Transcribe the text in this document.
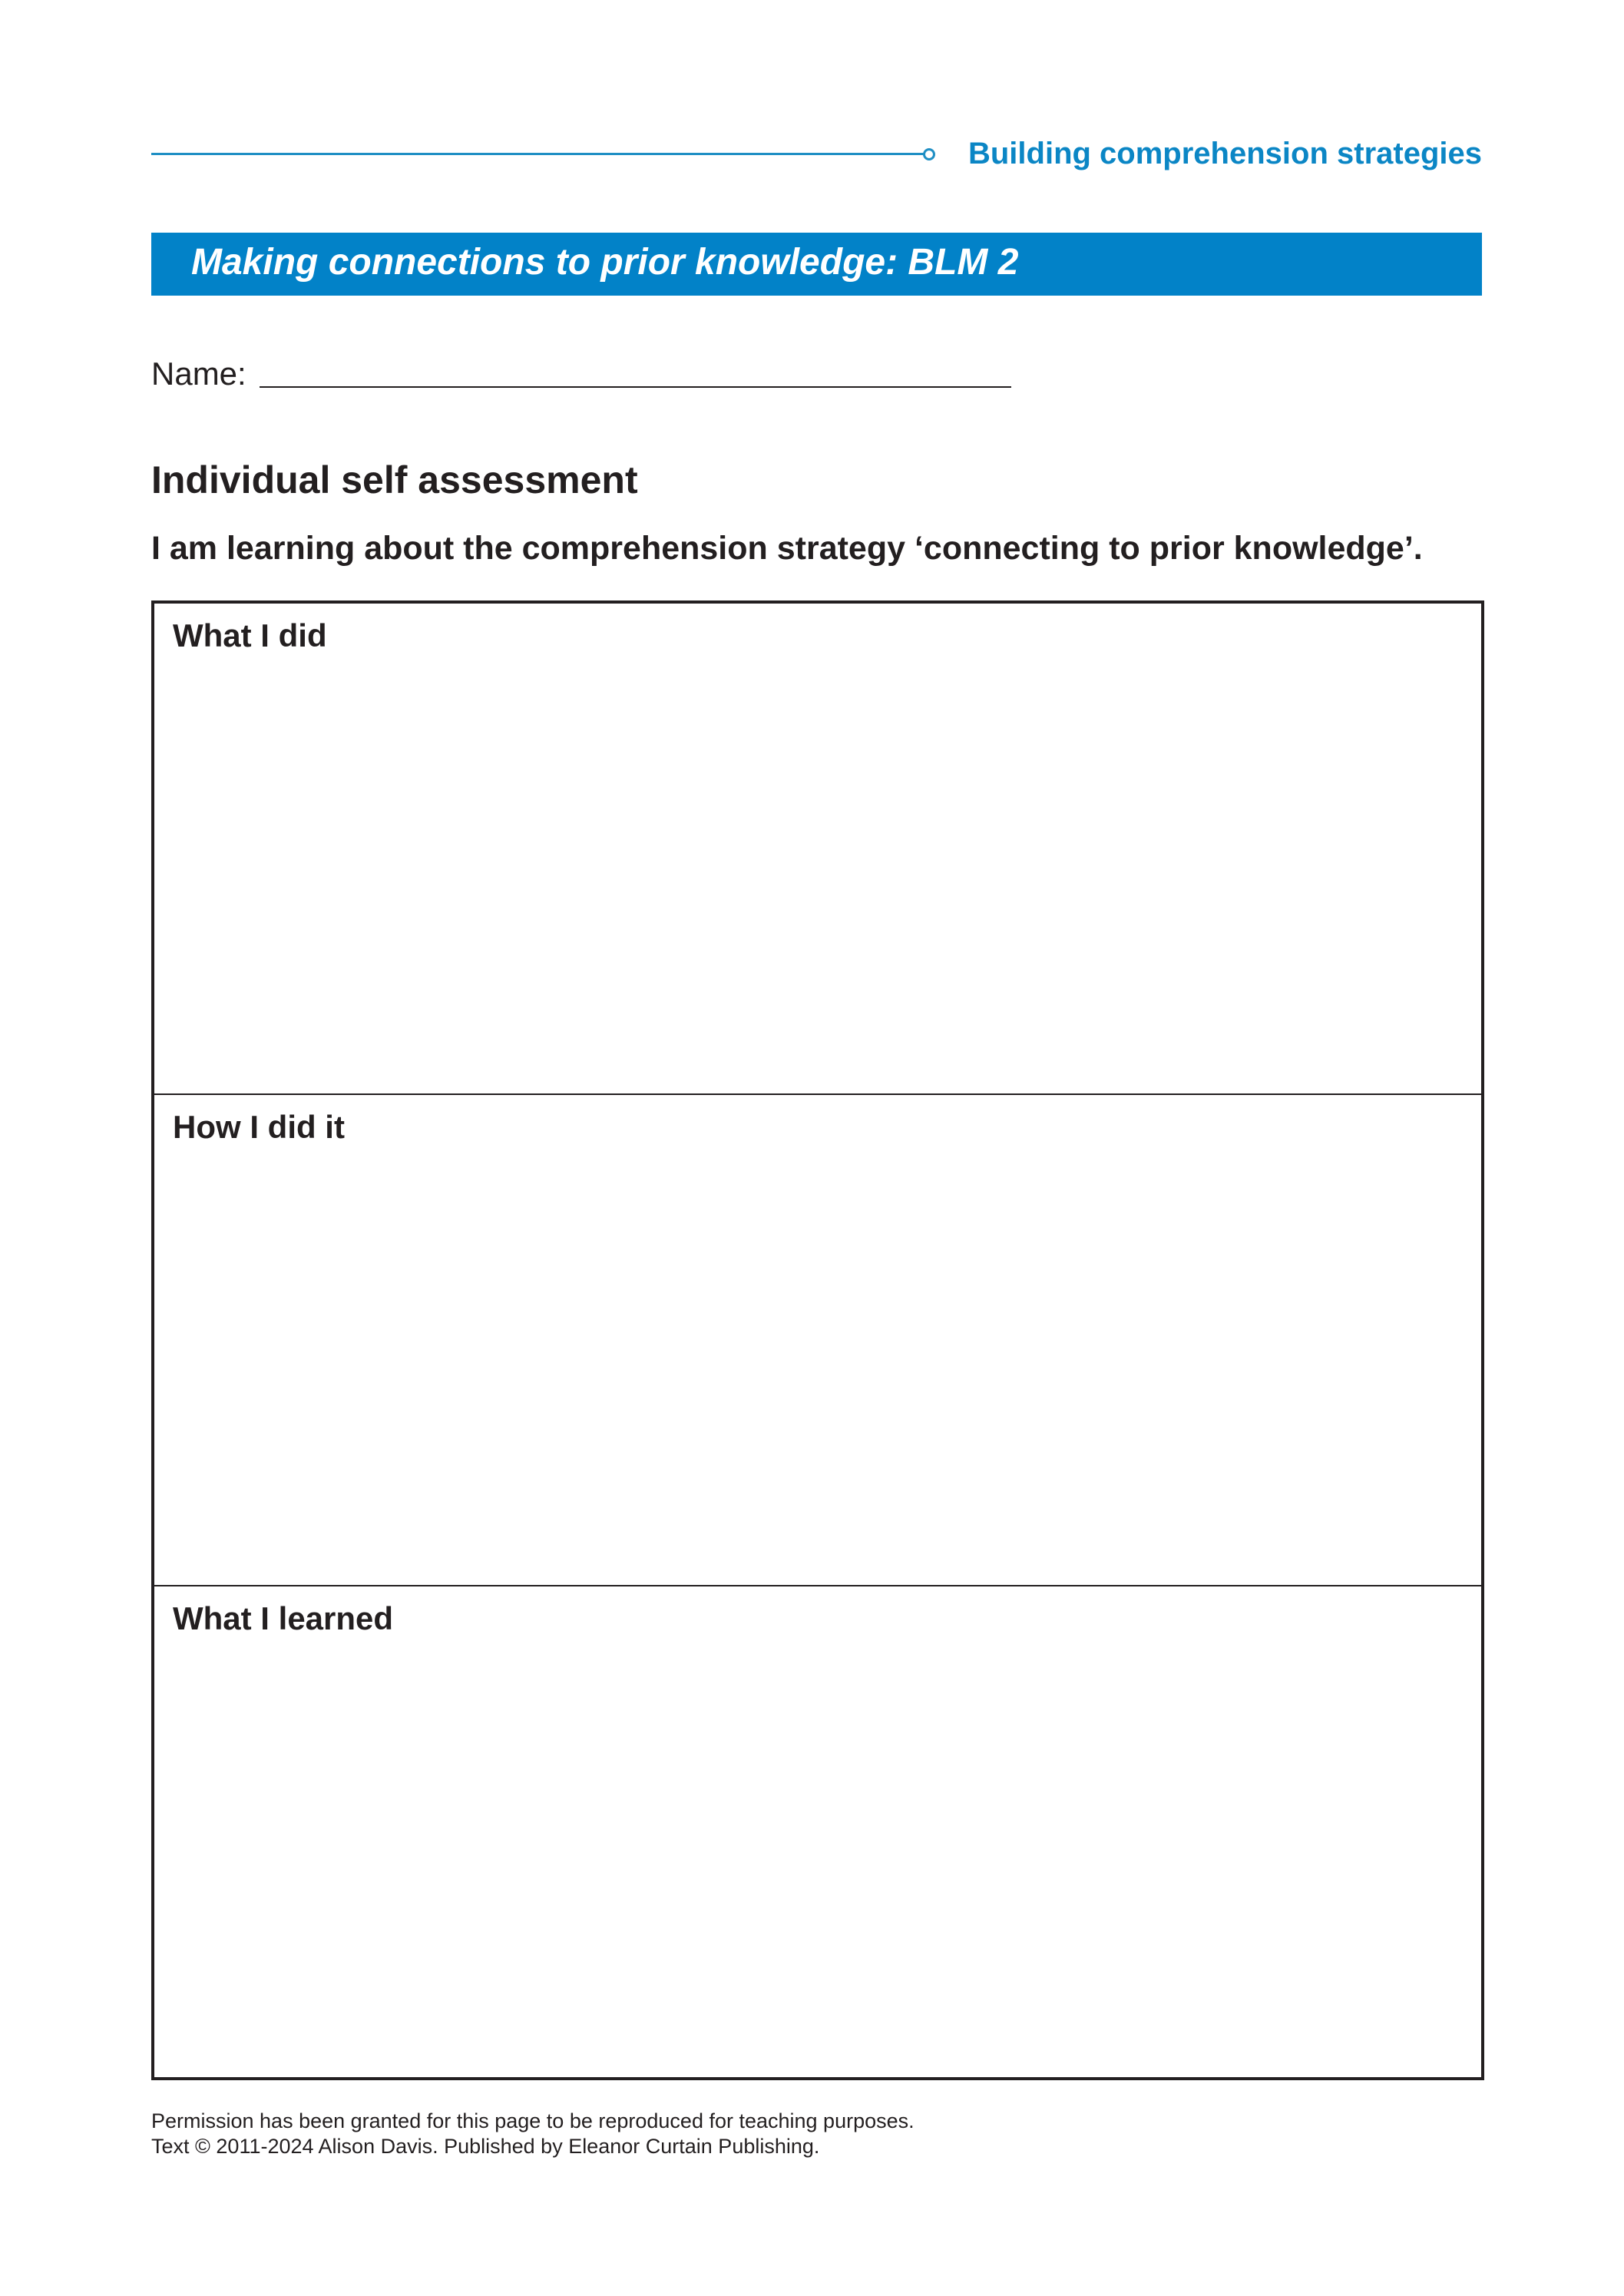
Building comprehension strategies
Making connections to prior knowledge: BLM 2
Name:
Individual self assessment
I am learning about the comprehension strategy ‘connecting to prior knowledge’.
What I did
How I did it
What I learned
Permission has been granted for this page to be reproduced for teaching purposes.
Text © 2011-2024 Alison Davis. Published by Eleanor Curtain Publishing.
